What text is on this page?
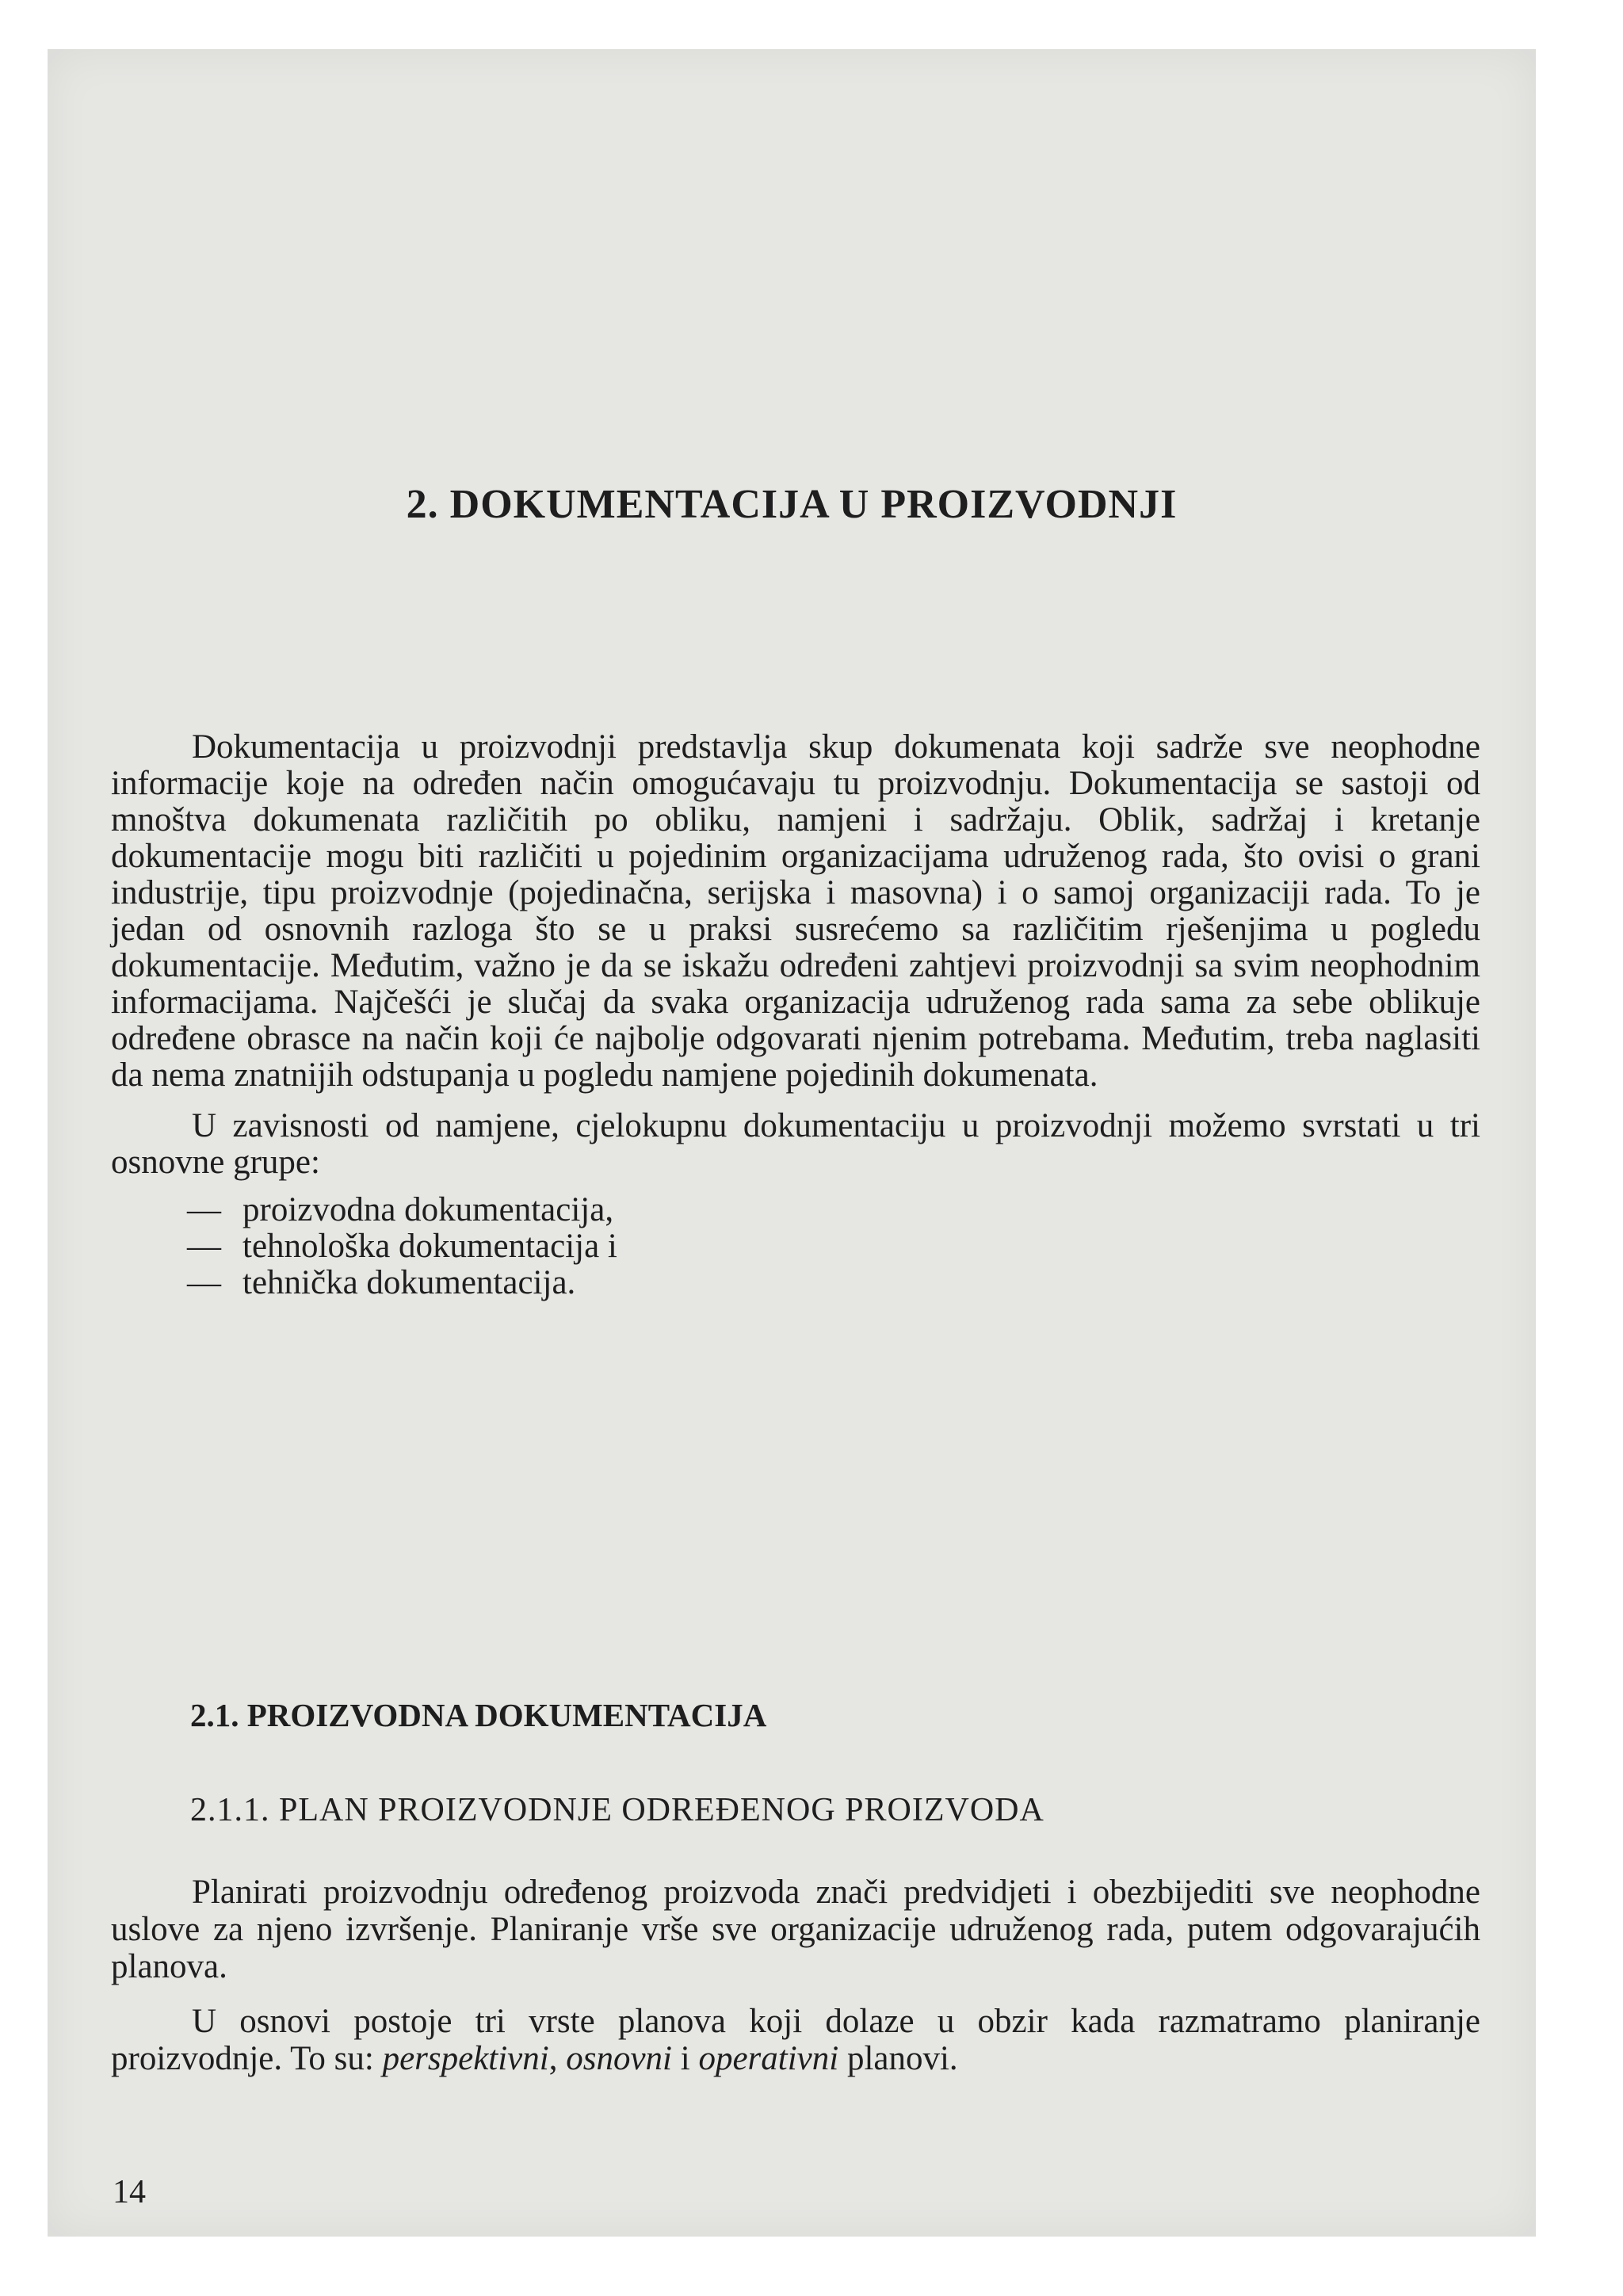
2. DOKUMENTACIJA U PROIZVODNJI

Dokumentacija u proizvodnji predstavlja skup dokumenata koji sadrže sve neophodne informacije koje na određen način omogućavaju tu proizvodnju. Dokumentacija se sastoji od mnoštva dokumenata različitih po obliku, namjeni i sadržaju. Oblik, sadržaj i kretanje dokumentacije mogu biti različiti u pojedinim organizacijama udruženog rada, što ovisi o grani industrije, tipu proizvodnje (pojedinačna, serijska i masovna) i o samoj organizaciji rada. To je jedan od osnovnih razloga što se u praksi susrećemo sa različitim rješenjima u pogledu dokumentacije. Međutim, važno je da se iskažu određeni zahtjevi proizvodnji sa svim neophodnim informacijama. Najčešći je slučaj da svaka organizacija udruženog rada sama za sebe oblikuje određene obrasce na način koji će najbolje odgovarati njenim potrebama. Međutim, treba naglasiti da nema znatnijih odstupanja u pogledu namjene pojedinih dokumenata.

U zavisnosti od namjene, cjelokupnu dokumentaciju u proizvodnji možemo svrstati u tri osnovne grupe:

— proizvodna dokumentacija,
— tehnološka dokumentacija i
— tehnička dokumentacija.
2.1. PROIZVODNA DOKUMENTACIJA
2.1.1. PLAN PROIZVODNJE ODREĐENOG PROIZVODA

Planirati proizvodnju određenog proizvoda znači predvidjeti i obezbijediti sve neophodne uslove za njeno izvršenje. Planiranje vrše sve organizacije udruženog rada, putem odgovarajućih planova.

U osnovi postoje tri vrste planova koji dolaze u obzir kada razmatramo planiranje proizvodnje. To su: perspektivni, osnovni i operativni planovi.

14
